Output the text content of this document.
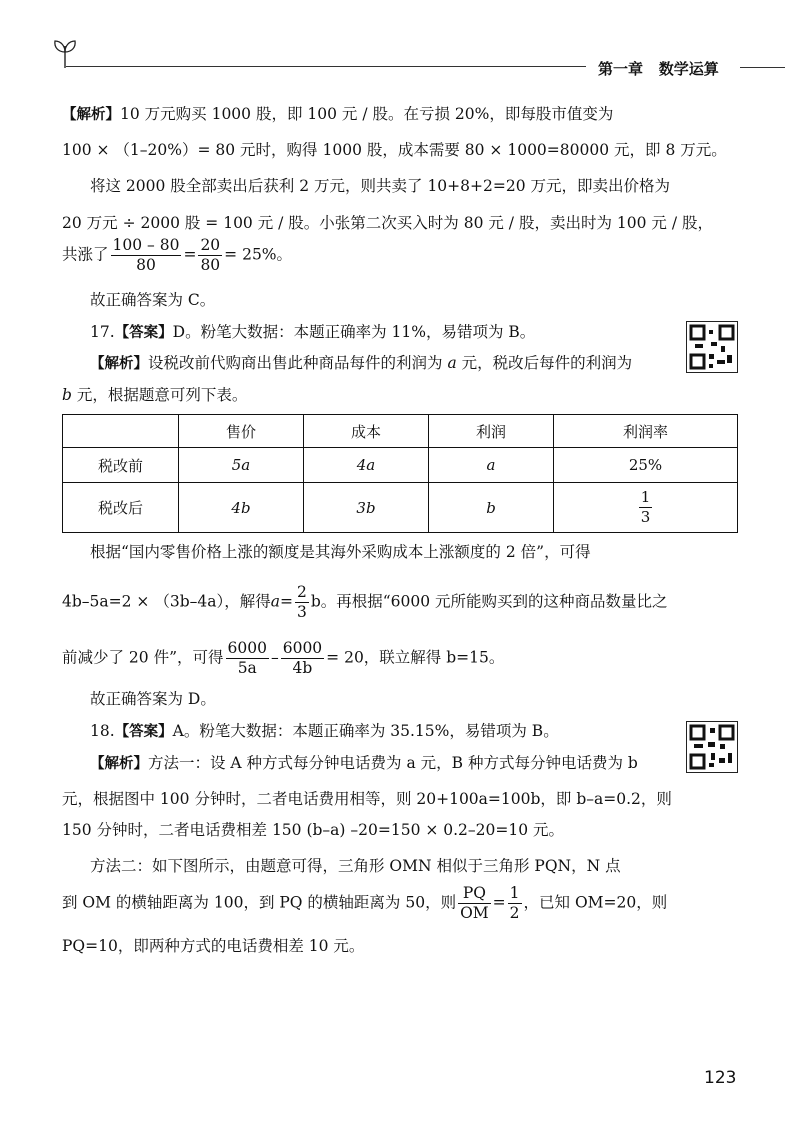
第一章 数学运算
【解析】10 万元购买 1000 股，即 100 元 / 股。在亏损 20%，即每股市值变为
100 × （1–20%）= 80 元时，购得 1000 股，成本需要 80 × 1000=80000 元，即 8 万元。
将这 2000 股全部卖出后获利 2 万元，则共卖了 10+8+2=20 万元，即卖出价格为
20 万元 ÷ 2000 股 = 100 元 / 股。小张第二次买入时为 80 元 / 股，卖出时为 100 元 / 股，
共涨了 $\frac{100 - 80}{80} = \frac{20}{80} = 25\%$。
故正确答案为 C。
17.【答案】D。粉笔大数据：本题正确率为 11%，易错项为 B。
【解析】设税改前代购商出售此种商品每件的利润为 a 元，税改后每件的利润为
b 元，根据题意可列下表。
	售价	成本	利润	利润率
税改前	5a	4a	a	25%
税改后	4b	3b	b	$\frac{1}{3}$
根据“国内零售价格上涨的额度是其海外采购成本上涨额度的 2 倍”，可得
4b–5a=2 × （3b–4a），解得$a= \frac{2}{3}$ b。再根据“6000 元所能购买到的这种商品数量比之
前减少了 20 件”，可得 $\frac{6000}{5a} - \frac{6000}{4b} = 20$，联立解得 b=15。
故正确答案为 D。
18.【答案】A。粉笔大数据：本题正确率为 35.15%，易错项为 B。
【解析】方法一：设 A 种方式每分钟电话费为 a 元，B 种方式每分钟电话费为 b
元，根据图中 100 分钟时，二者电话费用相等，则 20+100a=100b，即 b–a=0.2，则
150 分钟时，二者电话费相差 150 (b–a) –20=150 × 0.2–20=10 元。
方法二：如下图所示，由题意可得，三角形 OMN 相似于三角形 PQN，N 点
到 OM 的横轴距离为 100，到 PQ 的横轴距离为 50，则 $\frac{PQ}{OM} = \frac{1}{2}$ ，已知 OM=20，则
PQ=10，即两种方式的电话费相差 10 元。
123
